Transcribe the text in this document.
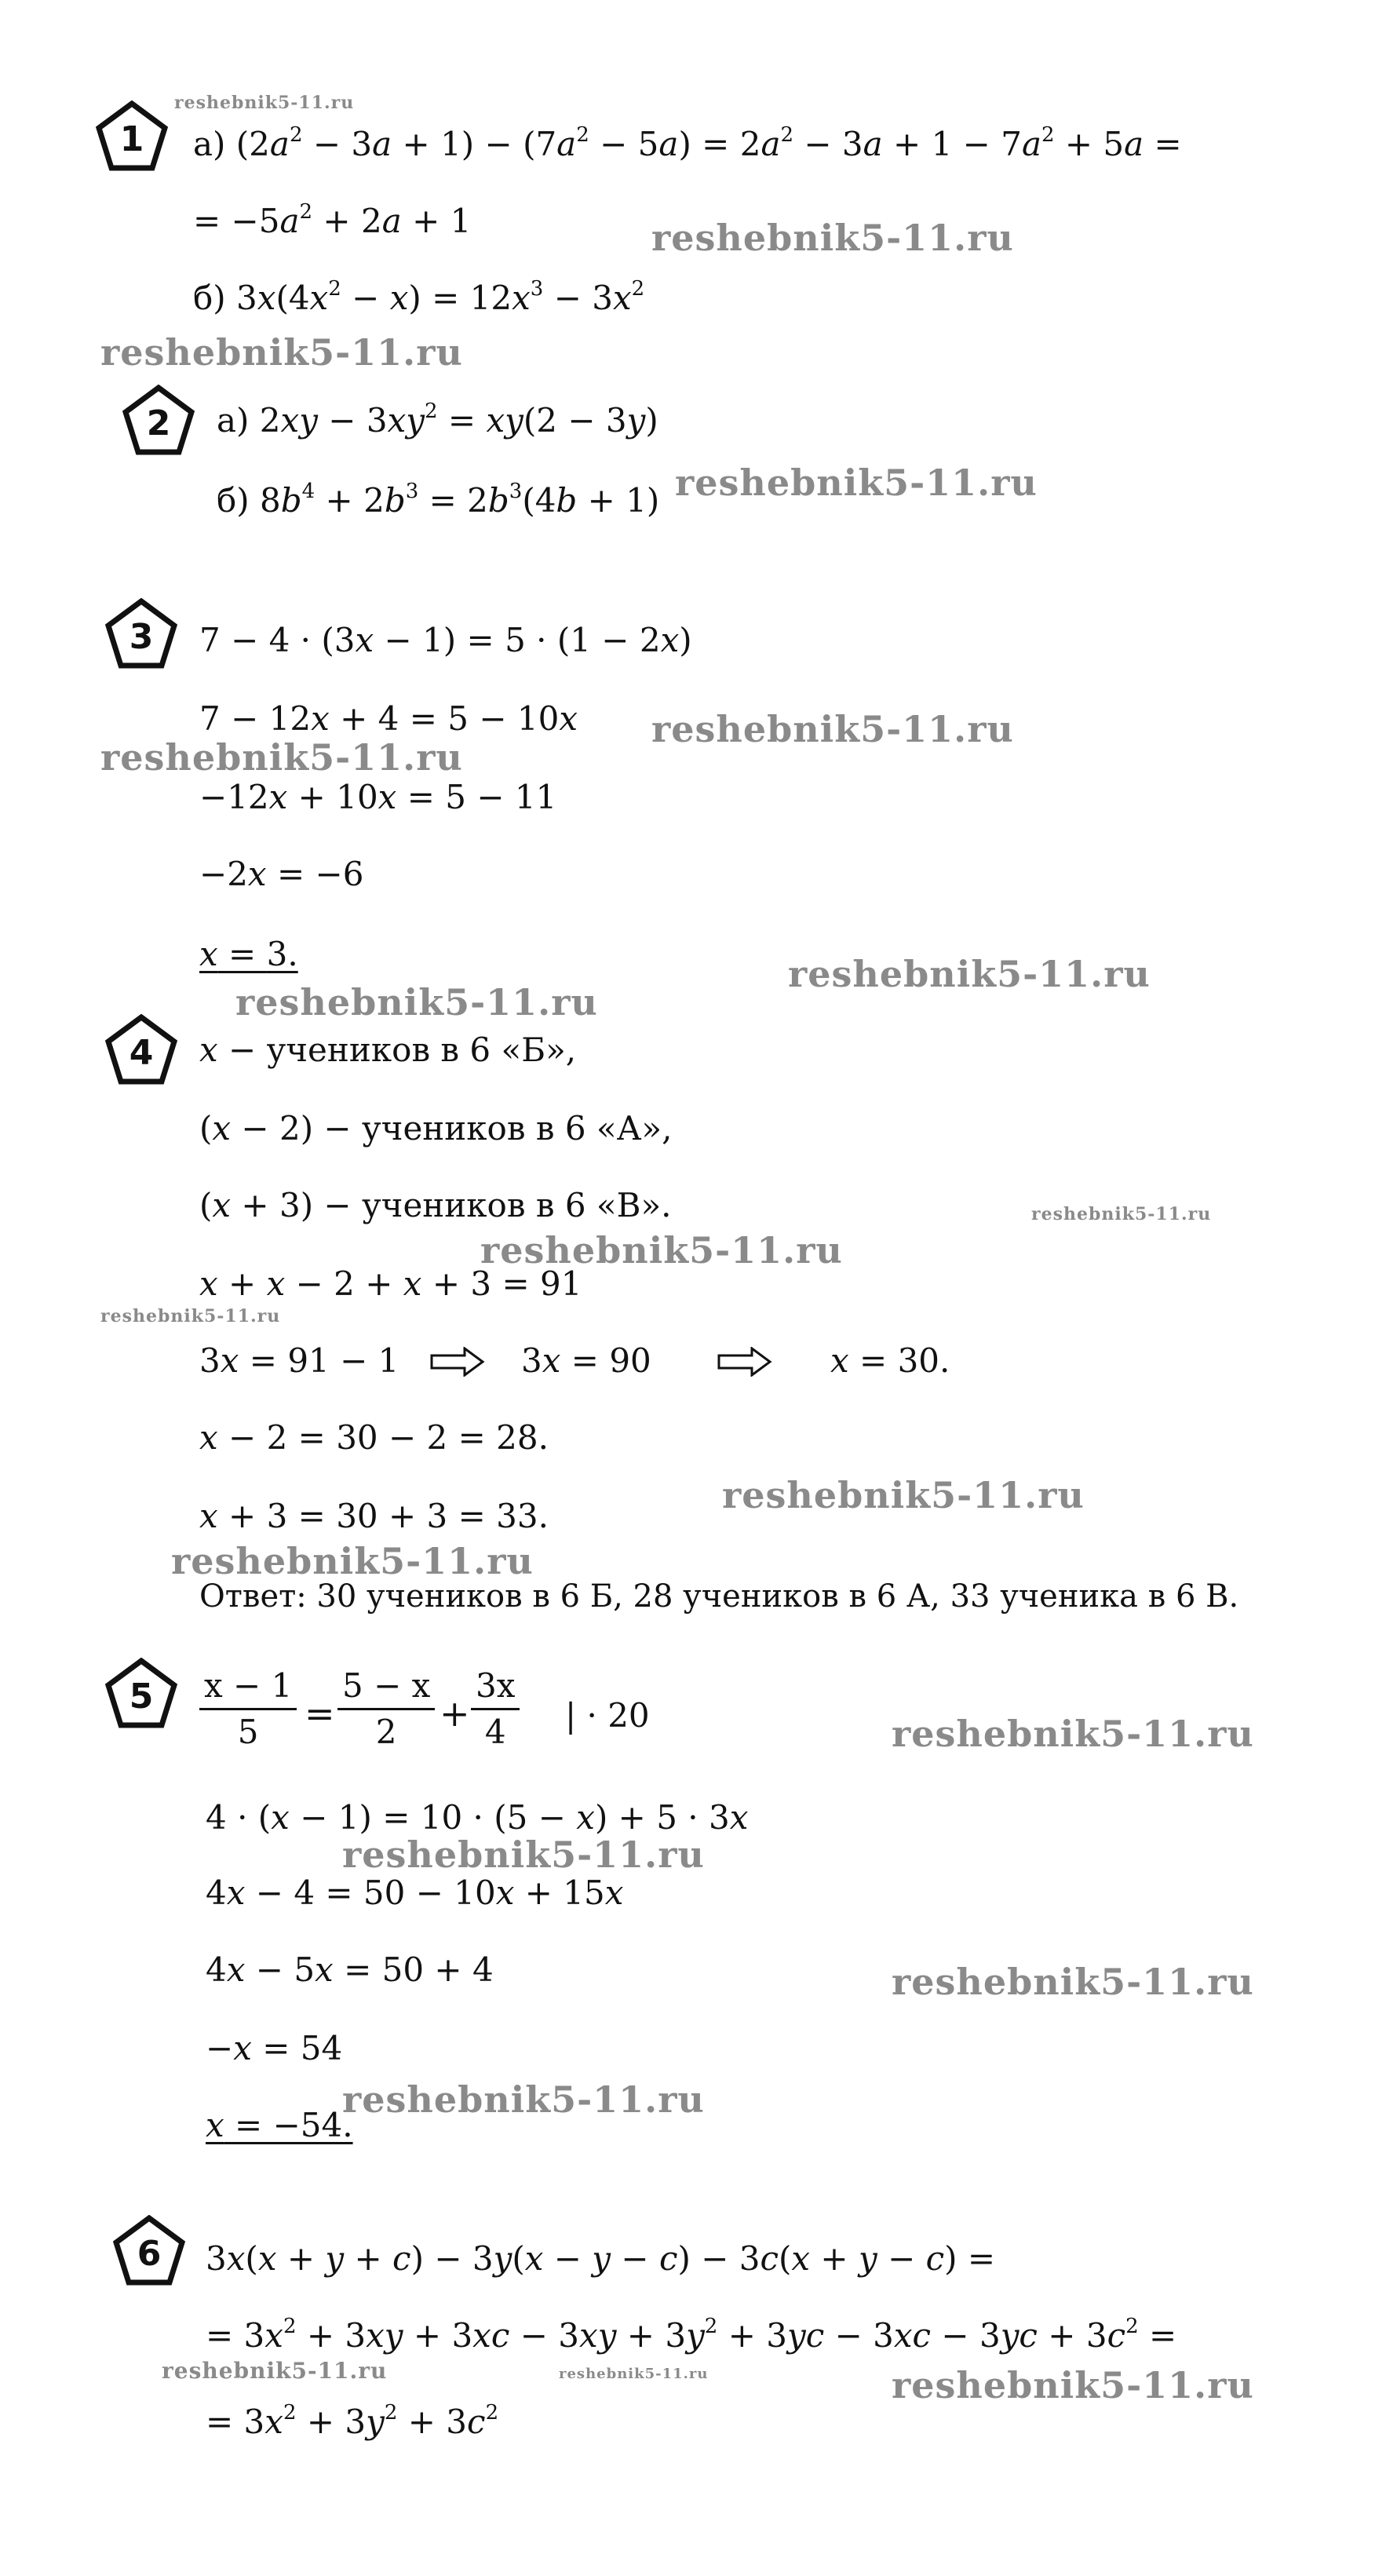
1
reshebnik5-11.ru
а) $(2a^2 - 3a + 1) - (7a^2 - 5a) = 2a^2 - 3a + 1 - 7a^2 + 5a$ =
= $-5a^2 + 2a + 1$	reshebnik5-11.ru
б) $3x(4x^2 - x) = 12x^3 - 3x^2$
reshebnik5-11.ru
2 а) $2xy - 3xy^2 = xy(2 - 3y)$
б) $8b^4 + 2b^3 = 2b^3(4b + 1)$ reshebnik5-11.ru
3 7 − 4 · (3x − 1) = 5 · (1 − 2x)
7 − 12x + 4 = 5 − 10x reshebnik5-11.ru
reshebnik5-11.ru
−12x + 10x = 5 − 11
−2x = −6
x = 3.	reshebnik5-11.ru
reshebnik5-11.ru
4 x − учеников в 6 «Б»,
(x − 2) − учеников в 6 «А»,
(x + 3) − учеников в 6 «В».	reshebnik5-11.ru
reshebnik5-11.ru
x + x − 2 + x + 3 = 91
reshebnik5-11.ru
3x = 91 − 1	3x = 90	x = 30.
x − 2 = 30 − 2 = 28.
x + 3 = 30 + 3 = 33.	reshebnik5-11.ru
reshebnik5-11.ru
Ответ: 30 учеников в 6 Б, 28 учеников в 6 А, 33 ученика в 6 В.
$5 \frac{x - 1}{5} = \frac{5 - x}{2} + \frac{3x}{4}$ | · 20	reshebnik5-11.ru
4 · (x − 1) = 10 · (5 − x) + 5 · 3x
reshebnik5-11.ru
4x − 4 = 50 − 10x + 15x
4x − 5x = 50 + 4	reshebnik5-11.ru
−x = 54
x = −54.
reshebnik5-11.ru
6 3x(x + y + c) − 3y(x − y − c) − 3c(x + y − c) =
= $3x^2 + 3xy + 3xc - 3xy + 3y^2 + 3yc - 3xc - 3yc + 3c^2$ =
reshebnik5-11.ru	reshebnik5-11.ru	reshebnik5-11.ru
= $3x^2 + 3y^2 + 3c^2$
